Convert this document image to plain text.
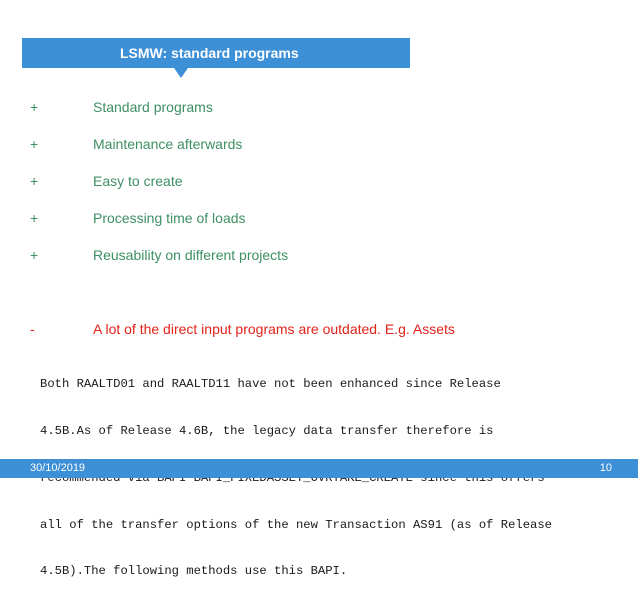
LSMW: standard programs
+	Standard programs
+	Maintenance afterwards
+	Easy to create
+	Processing time of loads
+	Reusability on different projects
-	A lot of the direct input programs are outdated. E.g. Assets

Both RAALTD01 and RAALTD11 have not been enhanced since Release

4.5B.As of Release 4.6B, the legacy data transfer therefore is

all of the transfer options of the new Transaction AS91 (as of Release

4.5B).The following methods use this BAPI.

30/10/2019	10
